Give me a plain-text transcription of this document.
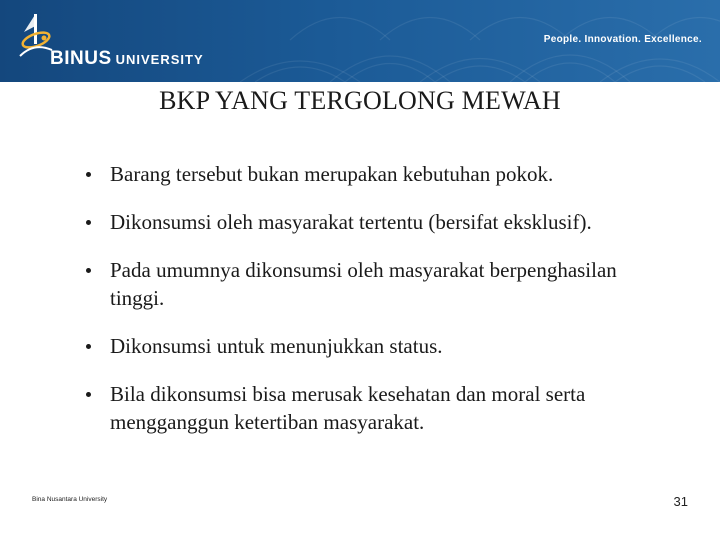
BINUS UNIVERSITY
People. Innovation. Excellence.
BKP YANG TERGOLONG MEWAH
Barang tersebut bukan merupakan kebutuhan pokok.
Dikonsumsi oleh masyarakat tertentu (bersifat eksklusif).
Pada umumnya dikonsumsi oleh masyarakat berpenghasilan tinggi.
Dikonsumsi untuk menunjukkan status.
Bila dikonsumsi bisa merusak kesehatan dan moral serta mengganggun ketertiban masyarakat.
Bina Nusantara University	31
